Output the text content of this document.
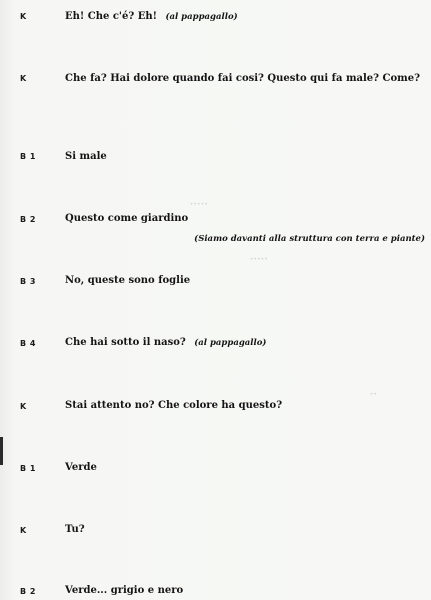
·····
·····
··
K	Eh! Che c'é? Eh! (al pappagallo)
K	Che fa? Hai dolore quando fai cosi? Questo qui fa male? Come?
B 1	Si male
B 2	Questo come giardino
(Siamo davanti alla struttura con terra e piante)
B 3	No, queste sono foglie
B 4	Che hai sotto il naso? (al pappagallo)
K	Stai attento no? Che colore ha questo?
B 1	Verde
K	Tu?
B 2	Verde... grigio e nero
